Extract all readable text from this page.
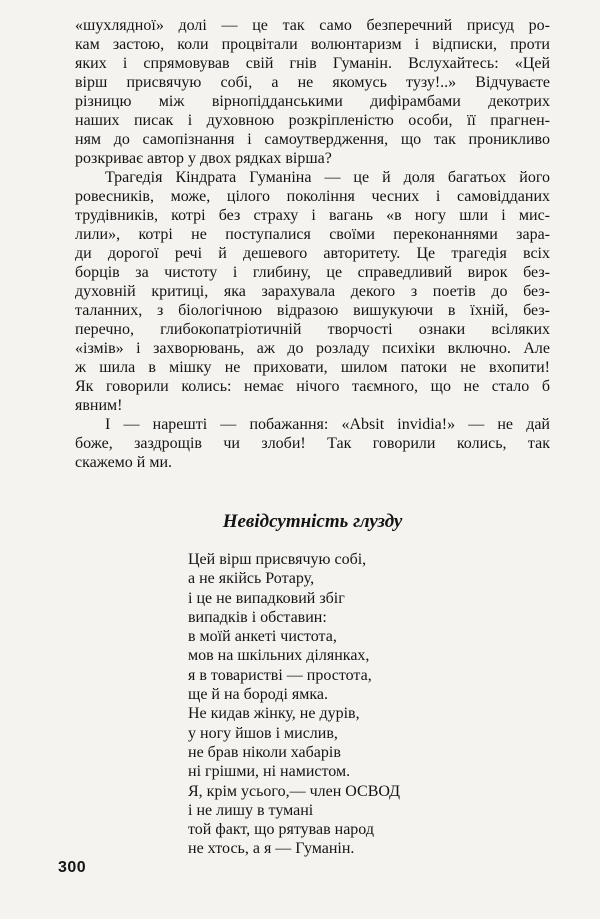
«шухлядної» долі — це так само безперечний присуд ро-
кам застою, коли процвітали волюнтаризм і відписки, проти
яких і спрямовував свій гнів Гуманін. Вслухайтесь: «Цей
вірш присвячую собі, а не якомусь тузу!..» Відчуваєте
різницю між вірнопідданськими дифірамбами декотрих
наших писак і духовною розкріпленістю особи, її прагнен-
ням до самопізнання і самоутвердження, що так проникливо
розкриває автор у двох рядках вірша?
Трагедія Кіндрата Гуманіна — це й доля багатьох його
ровесників, може, цілого покоління чесних і самовідданих
трудівників, котрі без страху і вагань «в ногу шли і мис-
лили», котрі не поступалися своїми переконаннями зара-
ди дорогої речі й дешевого авторитету. Це трагедія всіх
борців за чистоту і глибину, це справедливий вирок без-
духовній критиці, яка зарахувала декого з поетів до без-
таланних, з біологічною відразою вишукуючи в їхній, без-
перечно, глибокопатріотичній творчості ознаки всіляких
«ізмів» і захворювань, аж до розладу психіки включно. Але
ж шила в мішку не приховати, шилом патоки не вхопити!
Як говорили колись: немає нічого таємного, що не стало б
явним!
І — нарешті — побажання: «Absit invidia!» — не дай
боже, заздрощів чи злоби! Так говорили колись, так
скажемо й ми.
Невідсутність глузду
Цей вірш присвячую собі,
а не якійсь Ротару,
і це не випадковий збіг
випадків і обставин:
в моїй анкеті чистота,
мов на шкільних ділянках,
я в товаристві — простота,
ще й на бороді ямка.
Не кидав жінку, не дурів,
у ногу йшов і мислив,
не брав ніколи хабарів
ні грішми, ні намистом.
Я, крім усього,— член ОСВОД
і не лишу в тумані
той факт, що рятував народ
не хтось, а я — Гуманін.
300
